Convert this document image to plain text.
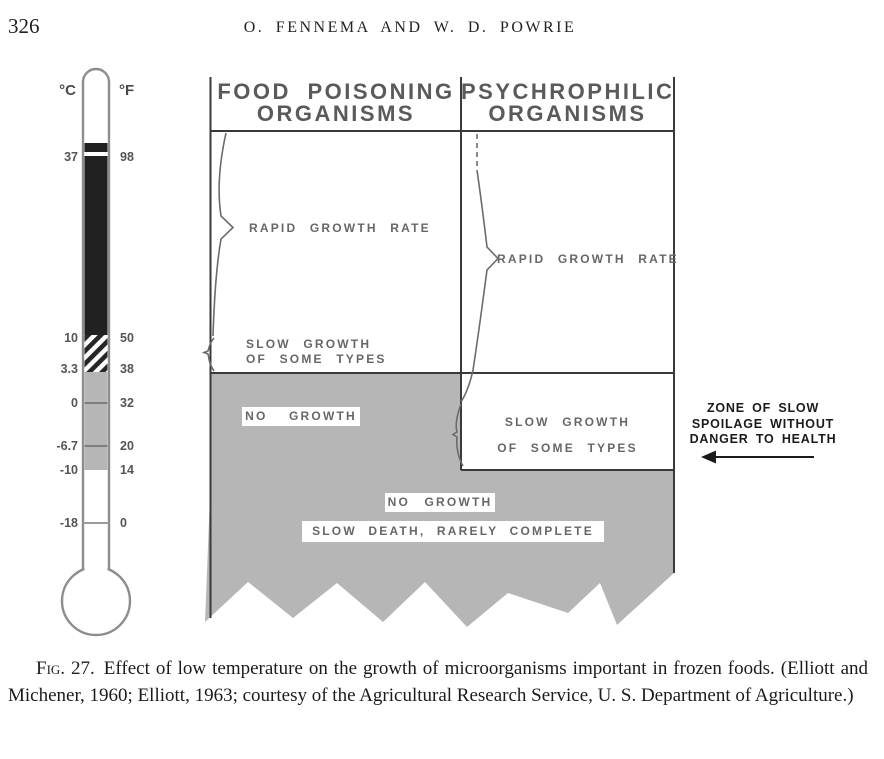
326	O. FENNEMA AND W. D. POWRIE
°C	°F
37	98
10	50
3.3	38
0	32
-6.7	20
-10	14
-18	0
FOOD POISONING
ORGANISMS
PSYCHROPHILIC
ORGANISMS
RAPID GROWTH RATE
RAPID GROWTH RATE
SLOW GROWTH
OF SOME TYPES
NO GROWTH	SLOW GROWTH
OF SOME TYPES
NO GROWTH
SLOW DEATH, RARELY COMPLETE
ZONE OF SLOW
SPOILAGE WITHOUT
DANGER TO HEALTH

Fig. 27. Effect of low temperature on the growth of microorganisms important in frozen foods. (Elliott and Michener, 1960; Elliott, 1963; courtesy of the Agricultural Research Service, U. S. Department of Agriculture.)
